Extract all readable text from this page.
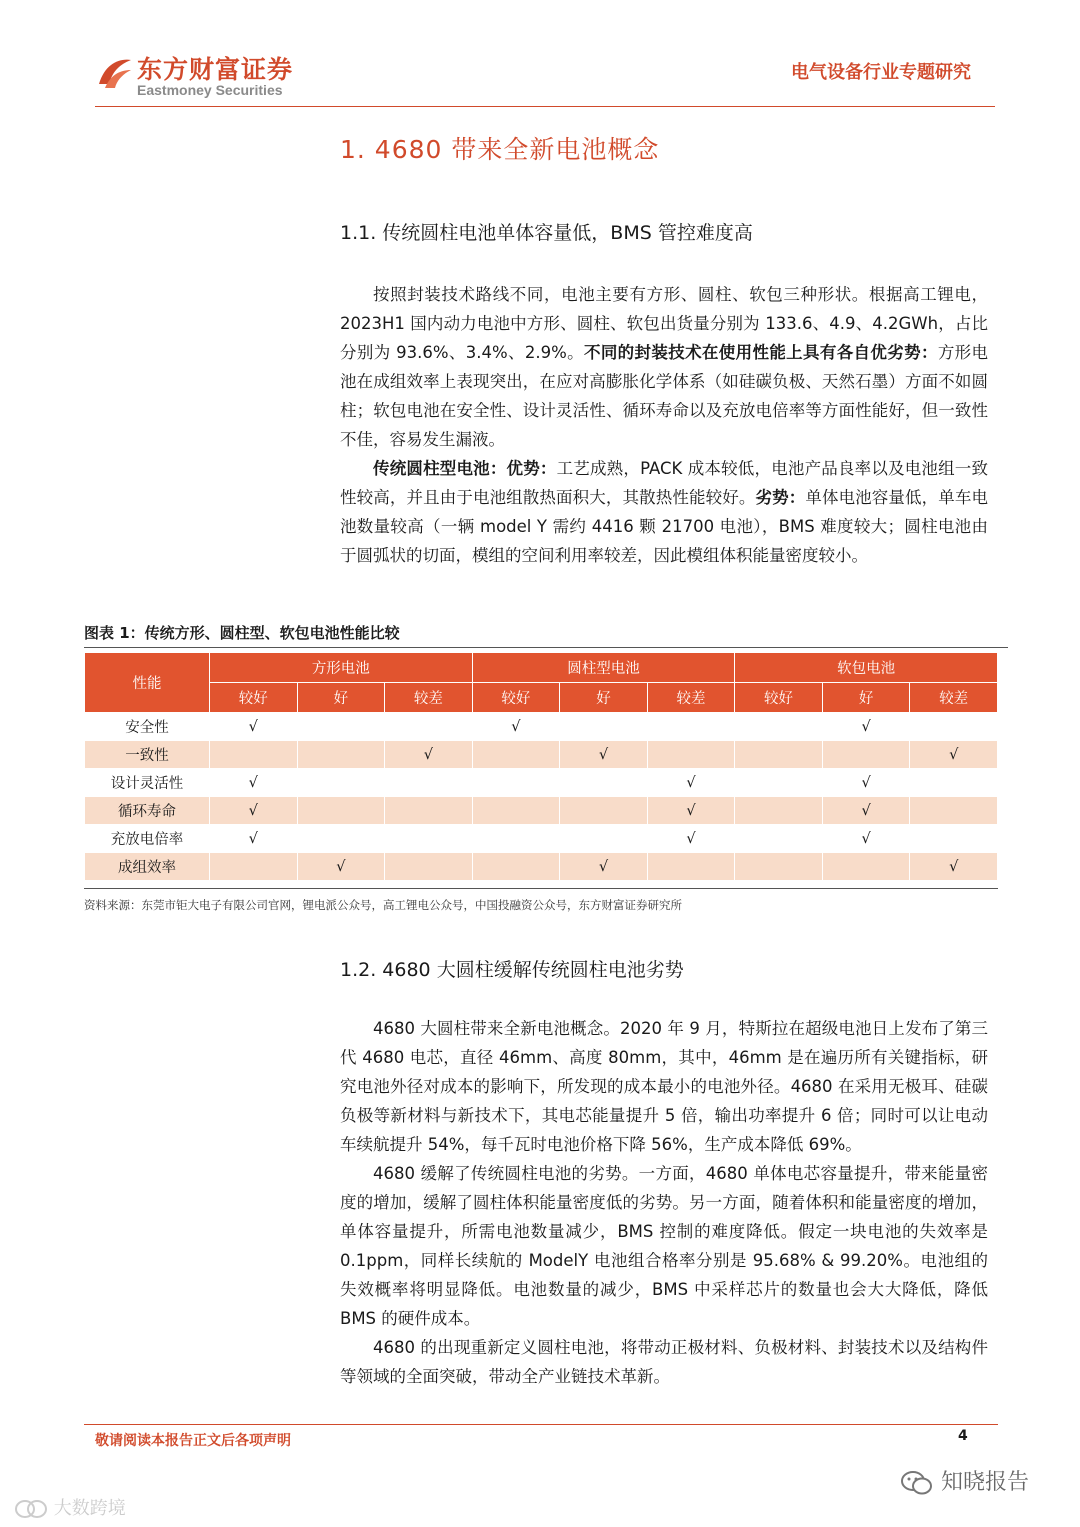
东方财富证券
Eastmoney Securities
电气设备行业专题研究
1. 4680 带来全新电池概念
1.1. 传统圆柱电池单体容量低，BMS 管控难度高

按照封装技术路线不同，电池主要有方形、圆柱、软包三种形状。根据高工锂电，2023H1 国内动力电池中方形、圆柱、软包出货量分别为 133.6、4.9、4.2GWh，占比分别为 93.6%、3.4%、2.9%。不同的封装技术在使用性能上具有各自优劣势：方形电池在成组效率上表现突出，在应对高膨胀化学体系（如硅碳负极、天然石墨）方面不如圆柱；软包电池在安全性、设计灵活性、循环寿命以及充放电倍率等方面性能好，但一致性不佳，容易发生漏液。

传统圆柱型电池：优势：工艺成熟，PACK 成本较低，电池产品良率以及电池组一致性较高，并且由于电池组散热面积大，其散热性能较好。劣势：单体电池容量低，单车电池数量较高（一辆 model Y 需约 4416 颗 21700 电池），BMS 难度较大；圆柱电池由于圆弧状的切面，模组的空间利用率较差，因此模组体积能量密度较小。

图表 1：传统方形、圆柱型、软包电池性能比较
性能	方形电池			圆柱型电池			软包电池		
	较好	好	较差	较好	好	较差	较好	好	较差
安全性	√			√				√	
一致性			√		√				√
设计灵活性	√					√		√	
循环寿命	√					√		√	
充放电倍率	√					√		√	
成组效率		√			√				√
资料来源：东莞市钜大电子有限公司官网，锂电派公众号，高工锂电公众号，中国投融资公众号，东方财富证券研究所
1.2. 4680 大圆柱缓解传统圆柱电池劣势

4680 大圆柱带来全新电池概念。2020 年 9 月，特斯拉在超级电池日上发布了第三代 4680 电芯，直径 46mm、高度 80mm，其中，46mm 是在遍历所有关键指标，研究电池外径对成本的影响下，所发现的成本最小的电池外径。4680 在采用无极耳、硅碳负极等新材料与新技术下，其电芯能量提升 5 倍，输出功率提升 6 倍；同时可以让电动车续航提升 54%，每千瓦时电池价格下降 56%，生产成本降低 69%。

4680 缓解了传统圆柱电池的劣势。一方面，4680 单体电芯容量提升，带来能量密度的增加，缓解了圆柱体积能量密度低的劣势。另一方面，随着体积和能量密度的增加，单体容量提升，所需电池数量减少，BMS 控制的难度降低。假定一块电池的失效率是 0.1ppm，同样长续航的 ModelY 电池组合格率分别是 95.68% & 99.20%。电池组的失效概率将明显降低。电池数量的减少，BMS 中采样芯片的数量也会大大降低，降低 BMS 的硬件成本。

4680 的出现重新定义圆柱电池，将带动正极材料、负极材料、封装技术以及结构件等领域的全面突破，带动全产业链技术革新。

敬请阅读本报告正文后各项声明	4
知晓报告
大数跨境
